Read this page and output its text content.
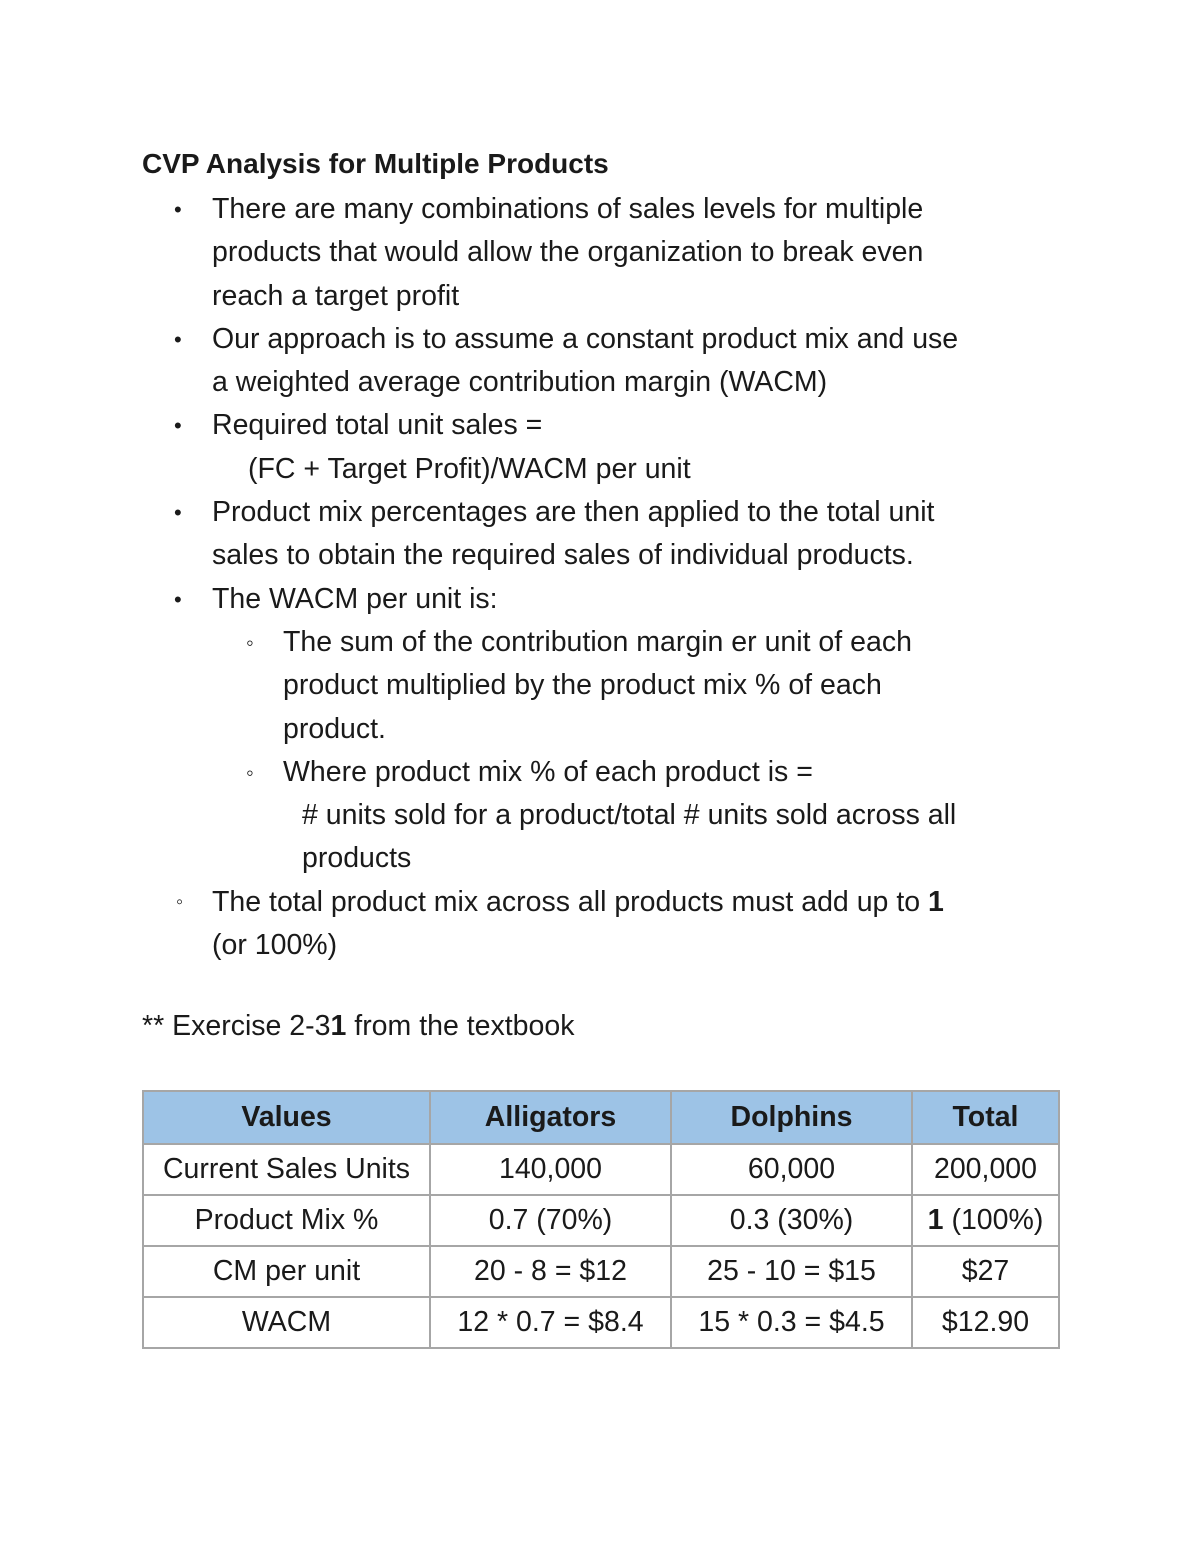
CVP Analysis for Multiple Products
• There are many combinations of sales levels for multiple
products that would allow the organization to break even
reach a target profit
• Our approach is to assume a constant product mix and use
a weighted average contribution margin (WACM)
• Required total unit sales =
(FC + Target Profit)/WACM per unit
• Product mix percentages are then applied to the total unit
sales to obtain the required sales of individual products.
• The WACM per unit is:
◦ The sum of the contribution margin er unit of each
product multiplied by the product mix % of each
product.
◦ Where product mix % of each product is =
# units sold for a product/total # units sold across all
products
◦ The total product mix across all products must add up to 1
(or 100%)
** Exercise 2-31 from the textbook
Values	Alligators	Dolphins	Total
Current Sales Units	140,000	60,000	200,000
Product Mix %	0.7 (70%)	0.3 (30%)	1 (100%)
CM per unit	20 - 8 = $12	25 - 10 = $15	$27
WACM	12 * 0.7 = $8.4	15 * 0.3 = $4.5	$12.90
